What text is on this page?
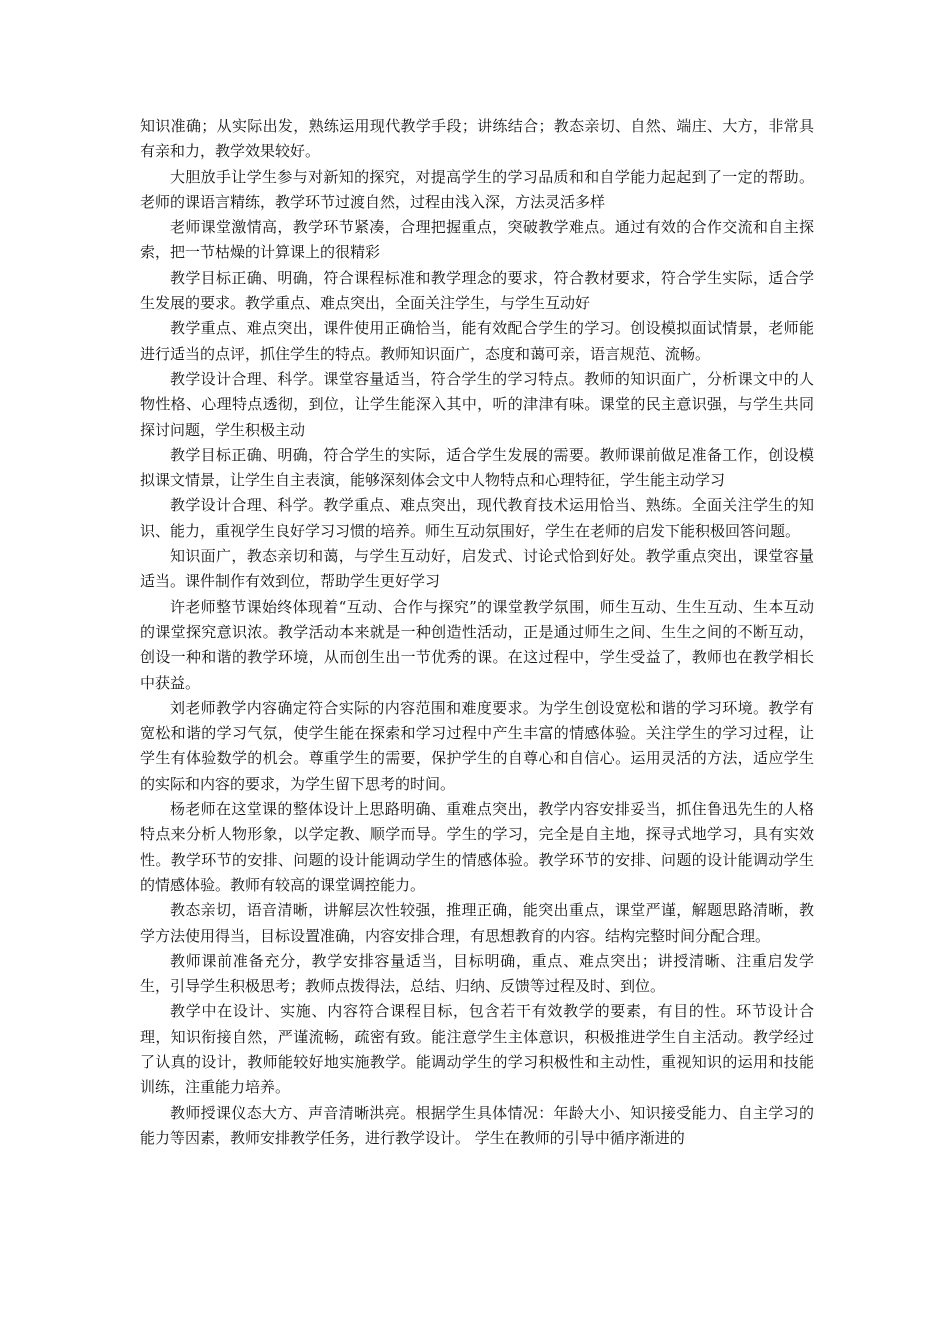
知识准确；从实际出发，熟练运用现代教学手段；讲练结合；教态亲切、自然、端庄、大方，非常具有亲和力，教学效果较好。

大胆放手让学生参与对新知的探究，对提高学生的学习品质和和自学能力起起到了一定的帮助。老师的课语言精练，教学环节过渡自然，过程由浅入深，方法灵活多样

老师课堂激情高，教学环节紧凑，合理把握重点，突破教学难点。通过有效的合作交流和自主探索，把一节枯燥的计算课上的很精彩

教学目标正确、明确，符合课程标准和教学理念的要求，符合教材要求，符合学生实际，适合学生发展的要求。教学重点、难点突出，全面关注学生，与学生互动好

教学重点、难点突出，课件使用正确恰当，能有效配合学生的学习。创设模拟面试情景，老师能进行适当的点评，抓住学生的特点。教师知识面广，态度和蔼可亲，语言规范、流畅。

教学设计合理、科学。课堂容量适当，符合学生的学习特点。教师的知识面广，分析课文中的人物性格、心理特点透彻，到位，让学生能深入其中，听的津津有味。课堂的民主意识强，与学生共同探讨问题，学生积极主动

教学目标正确、明确，符合学生的实际，适合学生发展的需要。教师课前做足准备工作，创设模拟课文情景，让学生自主表演，能够深刻体会文中人物特点和心理特征，学生能主动学习

教学设计合理、科学。教学重点、难点突出，现代教育技术运用恰当、熟练。全面关注学生的知识、能力，重视学生良好学习习惯的培养。师生互动氛围好，学生在老师的启发下能积极回答问题。

知识面广，教态亲切和蔼，与学生互动好，启发式、讨论式恰到好处。教学重点突出，课堂容量适当。课件制作有效到位，帮助学生更好学习

许老师整节课始终体现着“互动、合作与探究”的课堂教学氛围，师生互动、生生互动、生本互动的课堂探究意识浓。教学活动本来就是一种创造性活动，正是通过师生之间、生生之间的不断互动，创设一种和谐的教学环境，从而创生出一节优秀的课。在这过程中，学生受益了，教师也在教学相长中获益。

刘老师教学内容确定符合实际的内容范围和难度要求。为学生创设宽松和谐的学习环境。教学有宽松和谐的学习气氛，使学生能在探索和学习过程中产生丰富的情感体验。关注学生的学习过程，让学生有体验数学的机会。尊重学生的需要，保护学生的自尊心和自信心。运用灵活的方法，适应学生的实际和内容的要求，为学生留下思考的时间。

杨老师在这堂课的整体设计上思路明确、重难点突出，教学内容安排妥当，抓住鲁迅先生的人格特点来分析人物形象，以学定教、顺学而导。学生的学习，完全是自主地，探寻式地学习，具有实效性。教学环节的安排、问题的设计能调动学生的情感体验。教学环节的安排、问题的设计能调动学生的情感体验。教师有较高的课堂调控能力。

教态亲切，语音清晰，讲解层次性较强，推理正确，能突出重点，课堂严谨，解题思路清晰，教学方法使用得当，目标设置准确，内容安排合理，有思想教育的内容。结构完整时间分配合理。

教师课前准备充分，教学安排容量适当，目标明确，重点、难点突出；讲授清晰、注重启发学生，引导学生积极思考；教师点拨得法，总结、归纳、反馈等过程及时、到位。

教学中在设计、实施、内容符合课程目标，包含若干有效教学的要素，有目的性。环节设计合理，知识衔接自然，严谨流畅，疏密有致。能注意学生主体意识，积极推进学生自主活动。教学经过了认真的设计，教师能较好地实施教学。能调动学生的学习积极性和主动性，重视知识的运用和技能训练，注重能力培养。

教师授课仪态大方、声音清晰洪亮。根据学生具体情况：年龄大小、知识接受能力、自主学习的能力等因素，教师安排教学任务，进行教学设计。 学生在教师的引导中循序渐进的
